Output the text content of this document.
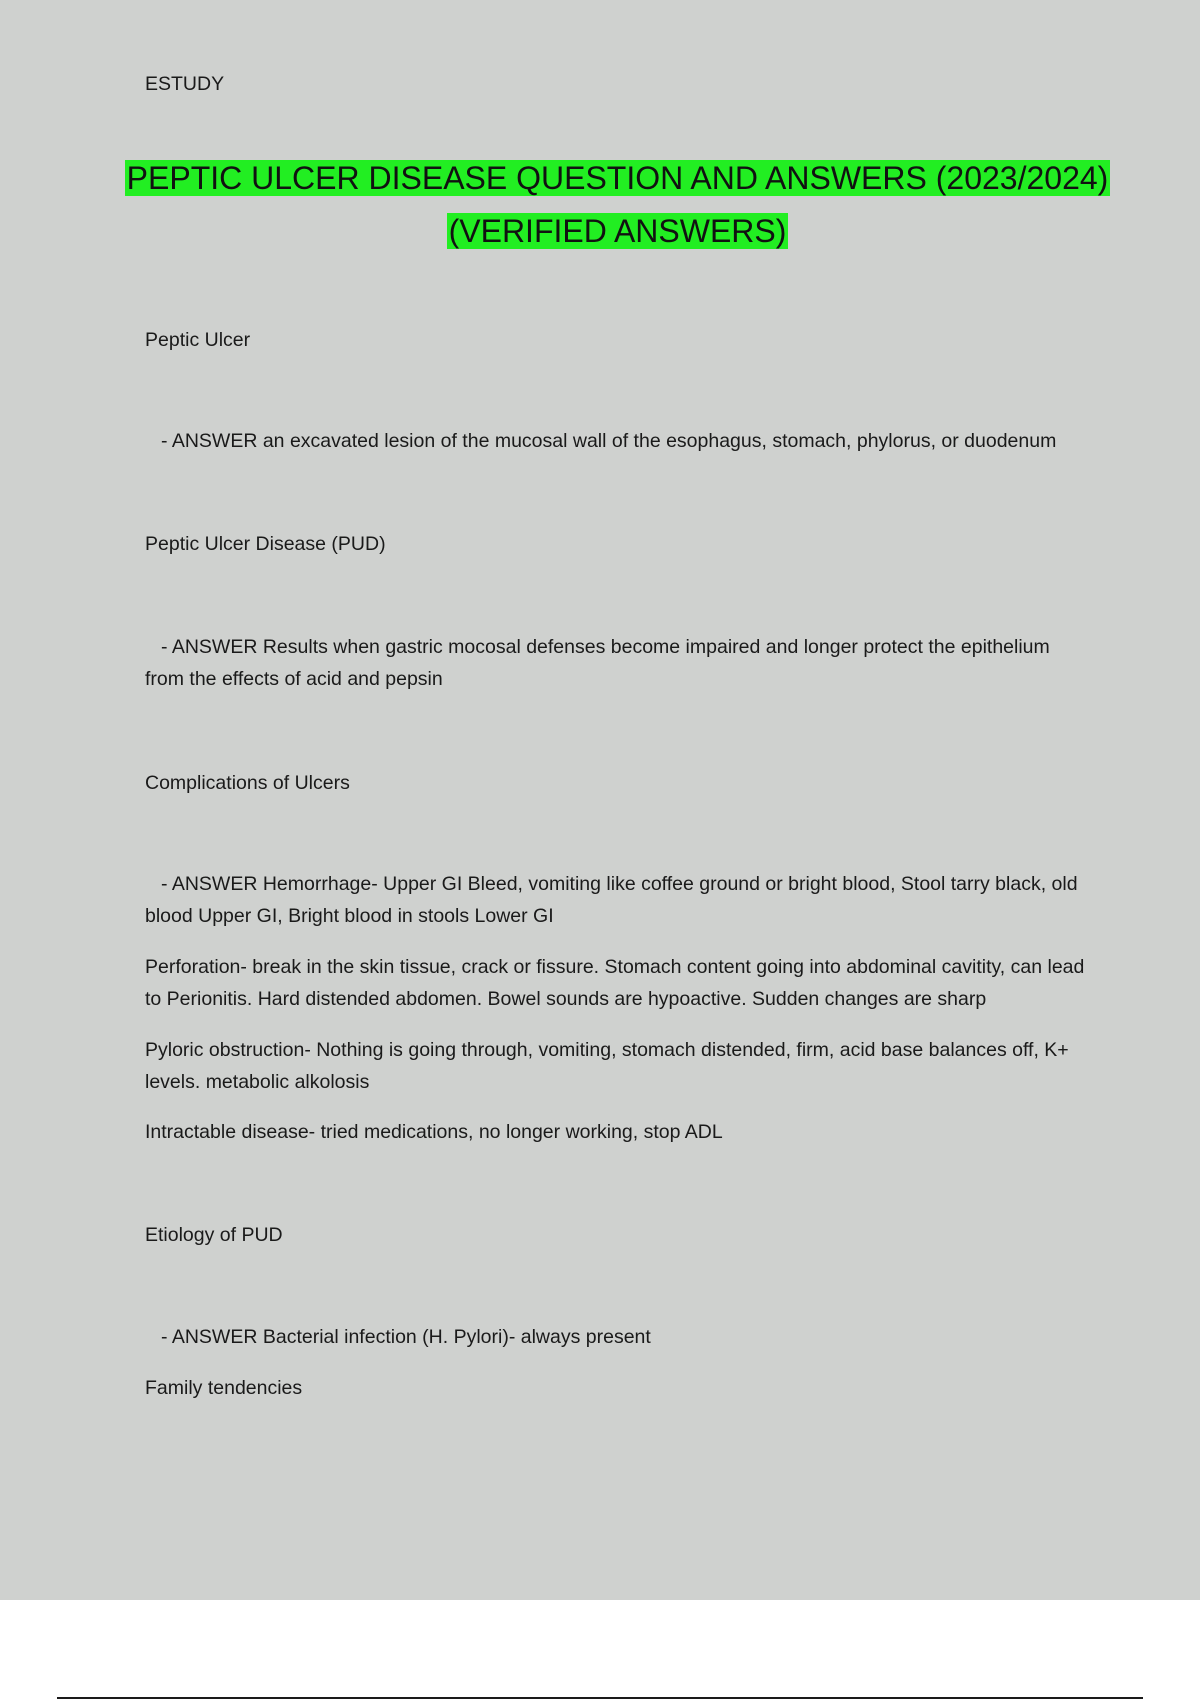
ESTUDY

PEPTIC ULCER DISEASE QUESTION AND ANSWERS (2023/2024)
(VERIFIED ANSWERS)

Peptic Ulcer

- ANSWER an excavated lesion of the mucosal wall of the esophagus, stomach, phylorus, or duodenum

Peptic Ulcer Disease (PUD)

- ANSWER Results when gastric mocosal defenses become impaired and longer protect the epithelium from the effects of acid and pepsin

Complications of Ulcers

- ANSWER Hemorrhage- Upper GI Bleed, vomiting like coffee ground or bright blood, Stool tarry black, old blood Upper GI, Bright blood in stools Lower GI

Perforation- break in the skin tissue, crack or fissure. Stomach content going into abdominal cavitity, can lead to Perionitis. Hard distended abdomen. Bowel sounds are hypoactive. Sudden changes are sharp

Pyloric obstruction- Nothing is going through, vomiting, stomach distended, firm, acid base balances off, K+ levels. metabolic alkolosis

Intractable disease- tried medications, no longer working, stop ADL

Etiology of PUD

- ANSWER Bacterial infection (H. Pylori)- always present

Family tendencies
